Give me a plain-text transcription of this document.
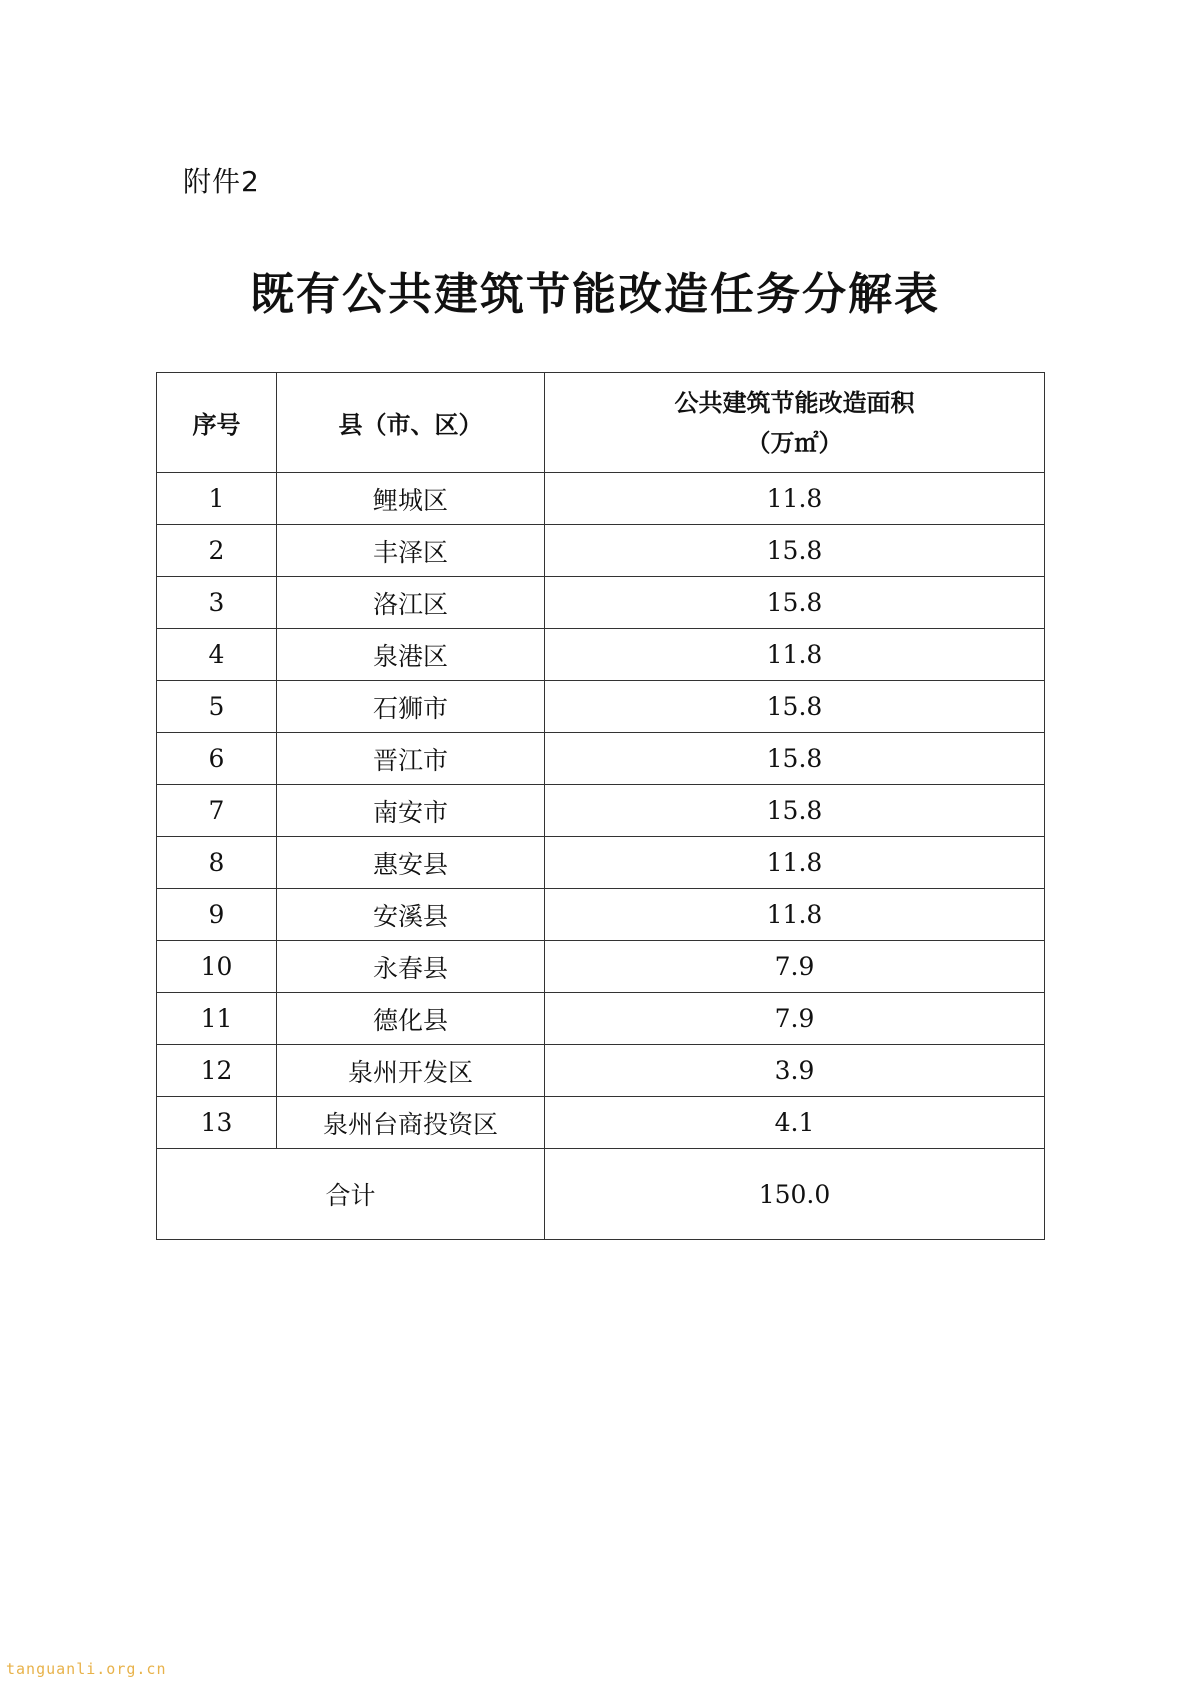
附件2
既有公共建筑节能改造任务分解表
序号	县（市、区）	公共建筑节能改造面积
（万㎡）

1	鲤城区	11.8
2	丰泽区	15.8
3	洛江区	15.8
4	泉港区	11.8
5	石狮市	15.8
6	晋江市	15.8
7	南安市	15.8
8	惠安县	11.8
9	安溪县	11.8
10	永春县	7.9
11	德化县	7.9
12	泉州开发区	3.9
13	泉州台商投资区	4.1
合计		150.0
tanguanli.org.cn
